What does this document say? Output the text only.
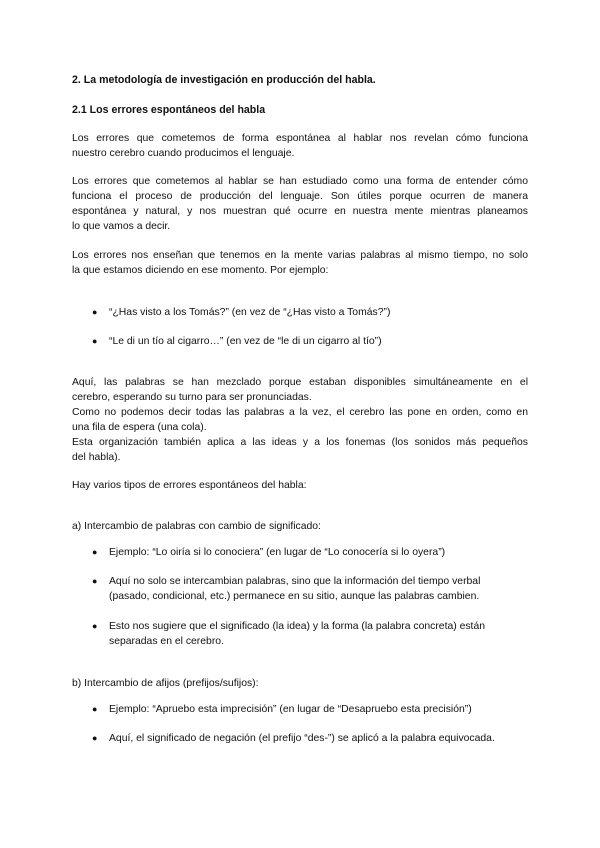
2. La metodología de investigación en producción del habla.
2.1 Los errores espontáneos del habla
Los errores que cometemos de forma espontánea al hablar nos revelan cómo funciona
nuestro cerebro cuando producimos el lenguaje.
Los errores que cometemos al hablar se han estudiado como una forma de entender cómo
funciona el proceso de producción del lenguaje. Son útiles porque ocurren de manera
espontánea y natural, y nos muestran qué ocurre en nuestra mente mientras planeamos
lo que vamos a decir.
Los errores nos enseñan que tenemos en la mente varias palabras al mismo tiempo, no solo
la que estamos diciendo en ese momento. Por ejemplo:
●	“¿Has visto a los Tomás?” (en vez de “¿Has visto a Tomás?”)
●	“Le di un tío al cigarro…” (en vez de “le di un cigarro al tío”)
Aquí, las palabras se han mezclado porque estaban disponibles simultáneamente en el
cerebro, esperando su turno para ser pronunciadas.
Como no podemos decir todas las palabras a la vez, el cerebro las pone en orden, como en
una fila de espera (una cola).
Esta organización también aplica a las ideas y a los fonemas (los sonidos más pequeños
del habla).
Hay varios tipos de errores espontáneos del habla:
a) Intercambio de palabras con cambio de significado:
●	Ejemplo: “Lo oiría si lo conociera” (en lugar de “Lo conocería si lo oyera”)
●	Aquí no solo se intercambian palabras, sino que la información del tiempo verbal
(pasado, condicional, etc.) permanece en su sitio, aunque las palabras cambien.
●	Esto nos sugiere que el significado (la idea) y la forma (la palabra concreta) están
separadas en el cerebro.
b) Intercambio de afijos (prefijos/sufijos):
●	Ejemplo: “Apruebo esta imprecisión” (en lugar de “Desapruebo esta precisión”)
●	Aquí, el significado de negación (el prefijo “des-”) se aplicó a la palabra equivocada.
